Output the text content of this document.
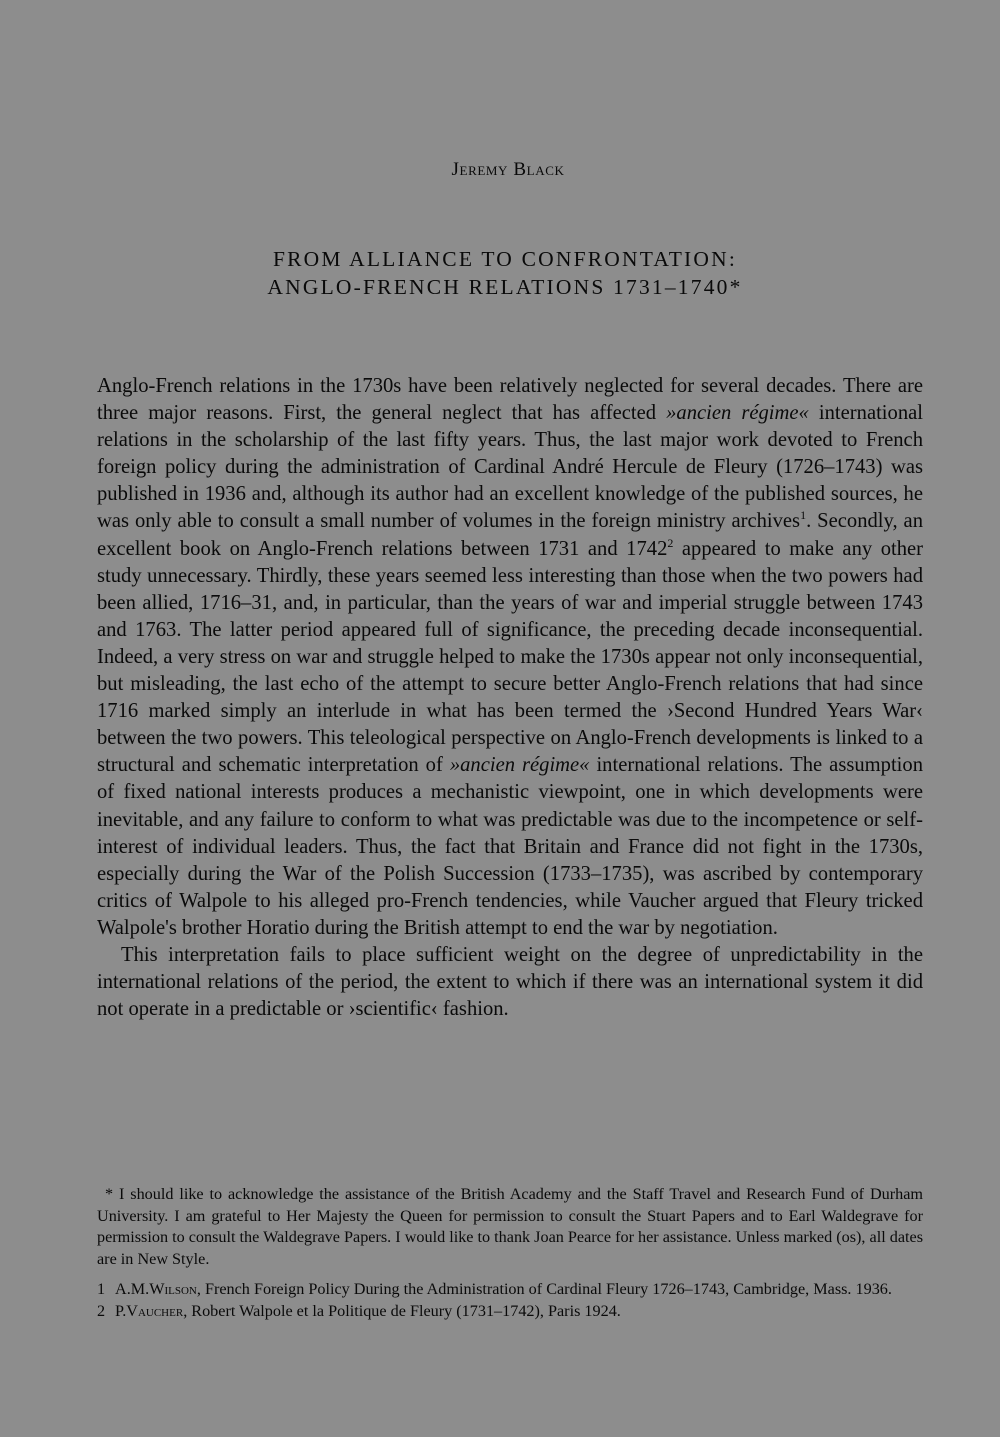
Jeremy Black
FROM ALLIANCE TO CONFRONTATION:
ANGLO-FRENCH RELATIONS 1731–1740*

Anglo-French relations in the 1730s have been relatively neglected for several decades. There are three major reasons. First, the general neglect that has affected »ancien régime« international relations in the scholarship of the last fifty years. Thus, the last major work devoted to French foreign policy during the administration of Cardinal André Hercule de Fleury (1726–1743) was published in 1936 and, although its author had an excellent knowledge of the published sources, he was only able to consult a small number of volumes in the foreign ministry archives$^1$. Secondly, an excellent book on Anglo-French relations between 1731 and 1742$^2$ appeared to make any other study unnecessary. Thirdly, these years seemed less interesting than those when the two powers had been allied, 1716–31, and, in particular, than the years of war and imperial struggle between 1743 and 1763. The latter period appeared full of significance, the preceding decade inconsequential. Indeed, a very stress on war and struggle helped to make the 1730s appear not only inconsequential, but misleading, the last echo of the attempt to secure better Anglo-French relations that had since 1716 marked simply an interlude in what has been termed the ›Second Hundred Years War‹ between the two powers. This teleological perspective on Anglo-French developments is linked to a structural and schematic interpretation of »ancien régime« international relations. The assumption of fixed national interests produces a mechanistic viewpoint, one in which developments were inevitable, and any failure to conform to what was predictable was due to the incompetence or self-interest of individual leaders. Thus, the fact that Britain and France did not fight in the 1730s, especially during the War of the Polish Succession (1733–1735), was ascribed by contemporary critics of Walpole to his alleged pro-French tendencies, while Vaucher argued that Fleury tricked Walpole's brother Horatio during the British attempt to end the war by negotiation.

This interpretation fails to place sufficient weight on the degree of unpredictability in the international relations of the period, the extent to which if there was an international system it did not operate in a predictable or ›scientific‹ fashion.

* I should like to acknowledge the assistance of the British Academy and the Staff Travel and Research Fund of Durham University. I am grateful to Her Majesty the Queen for permission to consult the Stuart Papers and to Earl Waldegrave for permission to consult the Waldegrave Papers. I would like to thank Joan Pearce for her assistance. Unless marked (os), all dates are in New Style.

1 A.M.Wilson, French Foreign Policy During the Administration of Cardinal Fleury 1726–1743, Cambridge, Mass. 1936.
2 P.Vaucher, Robert Walpole et la Politique de Fleury (1731–1742), Paris 1924.
